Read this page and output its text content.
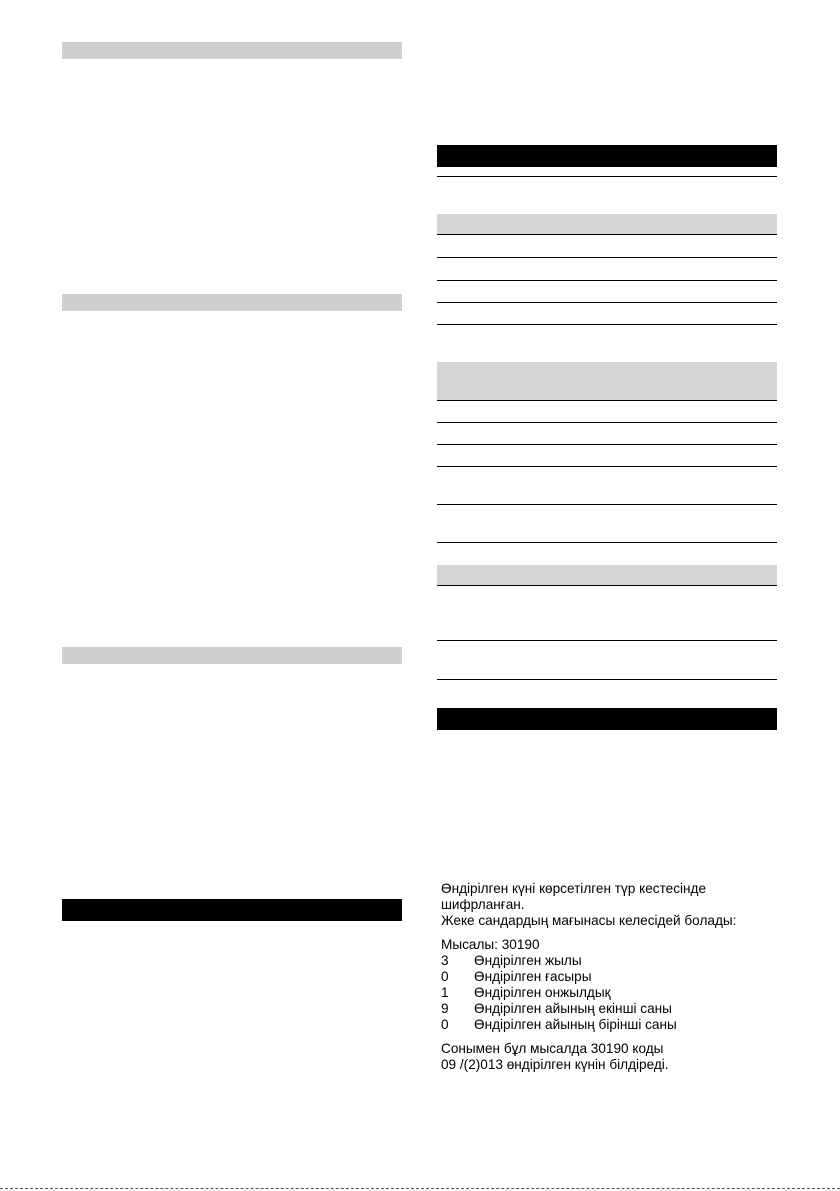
Өндірілген күні көрсетілген түр кестесінде

шифрланған.

Жеке сандардың мағынасы келесідей болады:

Мысалы: 30190

3	Өндірілген жылы
0	Өндірілген ғасыры
1	Өндірілген онжылдық
9	Өндірілген айының екінші саны
0	Өндірілген айының бірінші саны

Сонымен бұл мысалда 30190 коды

09 /(2)013 өндірілген күнін білдіреді.
